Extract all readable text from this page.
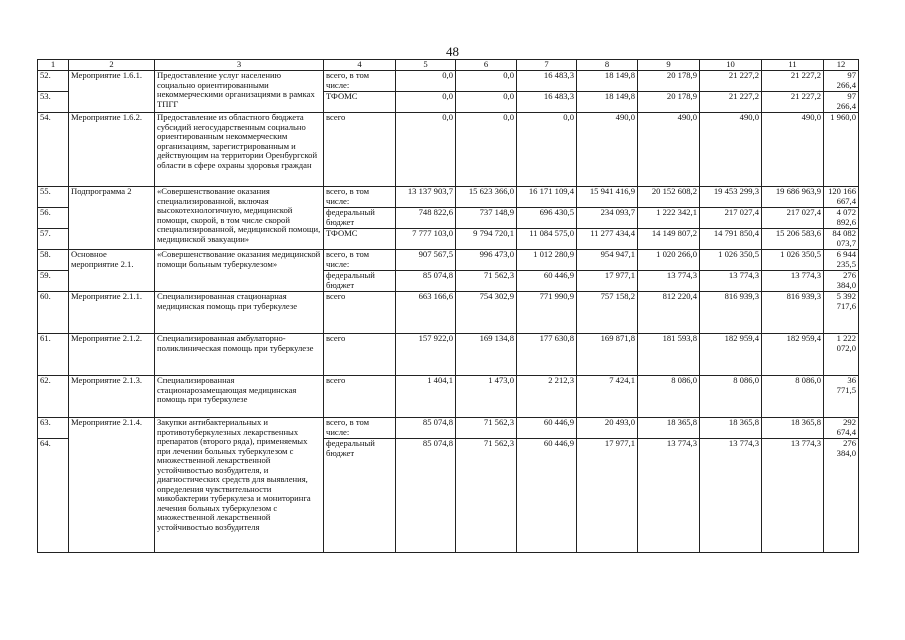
48
1	2	3	4	5	6	7	8	9	10	11	12
52.	Мероприятие 1.6.1.	Предоставление услуг населению социально ориентированными некоммерческими организациями в рамках ТПГГ	всего, в том числе:	0,0	0,0	16 483,3	18 149,8	20 178,9	21 227,2	21 227,2	97 266,4
53.			ТФОМС	0,0	0,0	16 483,3	18 149,8	20 178,9	21 227,2	21 227,2	97 266,4
54.	Мероприятие 1.6.2.	Предоставление из областного бюджета субсидий негосударственным социально ориентированным некоммерческим организациям, зарегистрированным и действующим на территории Оренбургской области в сфере охраны здоровья граждан	всего	0,0	0,0	0,0	490,0	490,0	490,0	490,0	1 960,0
55.	Подпрограмма 2	«Совершенствование оказания специализированной, включая высокотехнологичную, медицинской помощи, скорой, в том числе скорой специализированной, медицинской помощи, медицинской эвакуации»	всего, в том числе:	13 137 903,7	15 623 366,0	16 171 109,4	15 941 416,9	20 152 608,2	19 453 299,3	19 686 963,9	120 166 667,4
56.			федеральный бюджет	748 822,6	737 148,9	696 430,5	234 093,7	1 222 342,1	217 027,4	217 027,4	4 072 892,6
57.			ТФОМС	7 777 103,0	9 794 720,1	11 084 575,0	11 277 434,4	14 149 807,2	14 791 850,4	15 206 583,6	84 082 073,7
58.	Основное мероприятие 2.1.	«Совершенствование оказания медицинской помощи больным туберкулезом»	всего, в том числе:	907 567,5	996 473,0	1 012 280,9	954 947,1	1 020 266,0	1 026 350,5	1 026 350,5	6 944 235,5
59.			федеральный бюджет	85 074,8	71 562,3	60 446,9	17 977,1	13 774,3	13 774,3	13 774,3	276 384,0
60.	Мероприятие 2.1.1.	Специализированная стационарная медицинская помощь при туберкулезе	всего	663 166,6	754 302,9	771 990,9	757 158,2	812 220,4	816 939,3	816 939,3	5 392 717,6
61.	Мероприятие 2.1.2.	Специализированная амбулаторно-поликлиническая помощь при туберкулезе	всего	157 922,0	169 134,8	177 630,8	169 871,8	181 593,8	182 959,4	182 959,4	1 222 072,0
62.	Мероприятие 2.1.3.	Специализированная стационарозамещающая медицинская помощь при туберкулезе	всего	1 404,1	1 473,0	2 212,3	7 424,1	8 086,0	8 086,0	8 086,0	36 771,5
63.	Мероприятие 2.1.4.	Закупки антибактериальных и противотуберкулезных лекарственных препаратов (второго ряда), применяемых при лечении больных туберкулезом с множественной лекарственной устойчивостью возбудителя, и диагностических средств для выявления, определения чувствительности микобактерии туберкулеза и мониторинга лечения больных туберкулезом с множественной лекарственной устойчивостью возбудителя	всего, в том числе:	85 074,8	71 562,3	60 446,9	20 493,0	18 365,8	18 365,8	18 365,8	292 674,4
64.			федеральный бюджет	85 074,8	71 562,3	60 446,9	17 977,1	13 774,3	13 774,3	13 774,3	276 384,0
